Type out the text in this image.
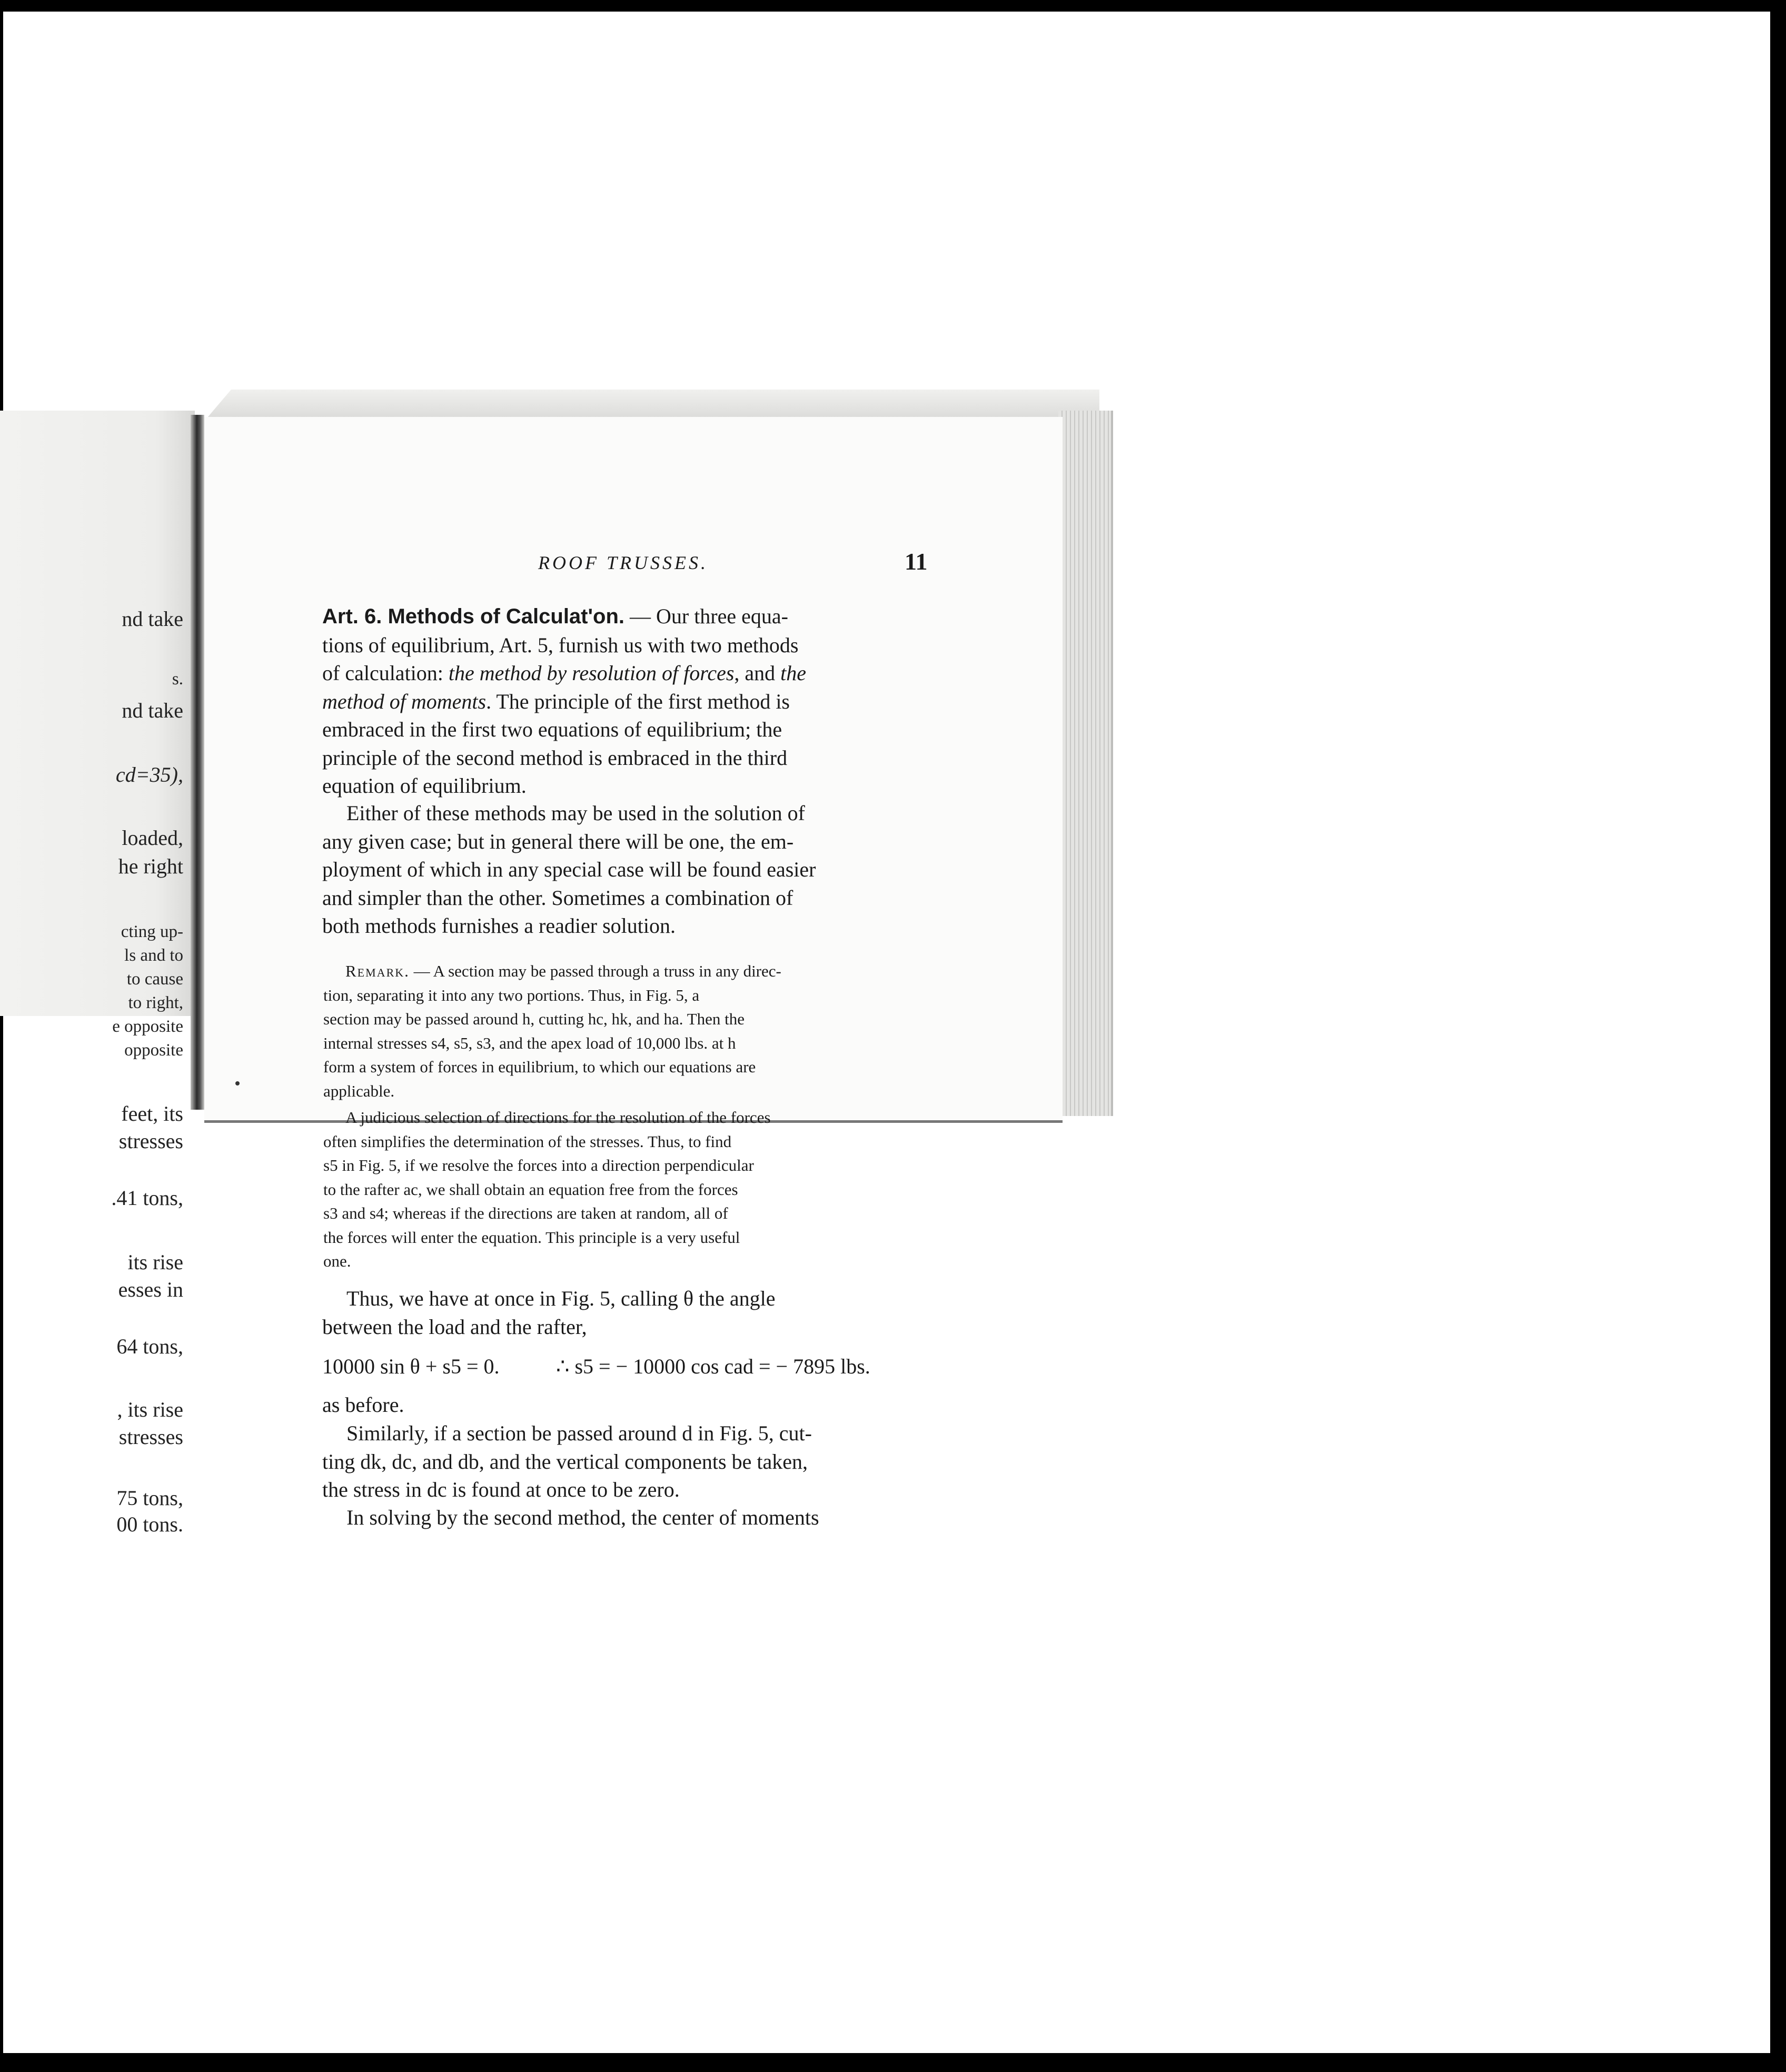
nd take
s.
nd take
cd=35),
loaded,
he right
cting up-
ls and to
to cause
to right,
e opposite
opposite
feet, its
stresses
.41 tons,
its rise
esses in
64 tons,
, its rise
stresses
75 tons,
00 tons.
ROOF TRUSSES.	11
Art. 6. Methods of Calculat'on. — Our three equa-
tions of equilibrium, Art. 5, furnish us with two methods
of calculation: the method by resolution of forces, and the
method of moments. The principle of the first method is
embraced in the first two equations of equilibrium; the
principle of the second method is embraced in the third
equation of equilibrium.
Either of these methods may be used in the solution of
any given case; but in general there will be one, the em-
ployment of which in any special case will be found easier
and simpler than the other. Sometimes a combination of
both methods furnishes a readier solution.
Remark. — A section may be passed through a truss in any direc-
tion, separating it into any two portions. Thus, in Fig. 5, a
section may be passed around h, cutting hc, hk, and ha. Then the
internal stresses s4, s5, s3, and the apex load of 10,000 lbs. at h
form a system of forces in equilibrium, to which our equations are
applicable.
A judicious selection of directions for the resolution of the forces
often simplifies the determination of the stresses. Thus, to find
s5 in Fig. 5, if we resolve the forces into a direction perpendicular
to the rafter ac, we shall obtain an equation free from the forces
s3 and s4; whereas if the directions are taken at random, all of
the forces will enter the equation. This principle is a very useful
one.
Thus, we have at once in Fig. 5, calling θ the angle
between the load and the rafter,
10000 sin θ + s5 = 0.	∴ s5 = − 10000 cos cad = − 7895 lbs.
as before.
Similarly, if a section be passed around d in Fig. 5, cut-
ting dk, dc, and db, and the vertical components be taken,
the stress in dc is found at once to be zero.
In solving by the second method, the center of moments
